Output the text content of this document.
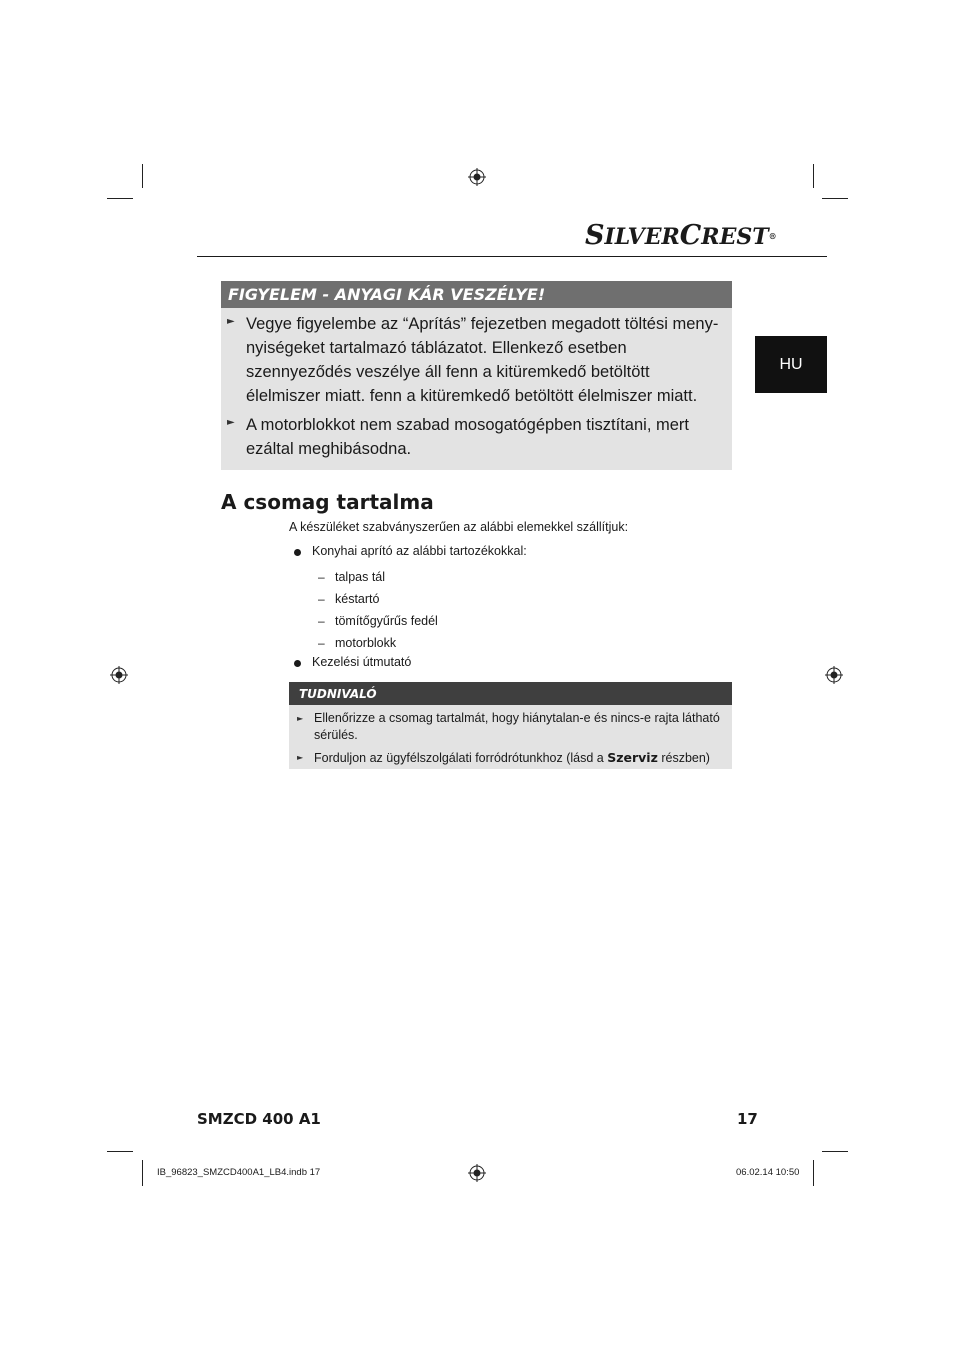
SILVERCREST®
HU
FIGYELEM - ANYAGI KÁR VESZÉLYE!
► Vegye figyelembe az “Aprítás” fejezetben megadott töltési meny-nyiségeket tartalmazó táblázatot. Ellenkező esetben szennyeződés veszélye áll fenn a kitüremkedő betöltött élelmiszer miatt. fenn a kitüremkedő betöltött élelmiszer miatt.
► A motorblokkot nem szabad mosogatógépben tisztítani, mert ezáltal meghibásodna.
A csomag tartalma
A készüléket szabványszerűen az alábbi elemekkel szállítjuk:
Konyhai aprító az alábbi tartozékokkal:
– talpas tál
– késtartó
– tömítőgyűrűs fedél
– motorblokk
Kezelési útmutató
TUDNIVALÓ
► Ellenőrizze a csomag tartalmát, hogy hiánytalan-e és nincs-e rajta látható sérülés.
► Forduljon az ügyfélszolgálati forródrótunkhoz (lásd a Szerviz részben)
SMZCD 400 A1	17
IB_96823_SMZCD400A1_LB4.indb 17	06.02.14 10:50
